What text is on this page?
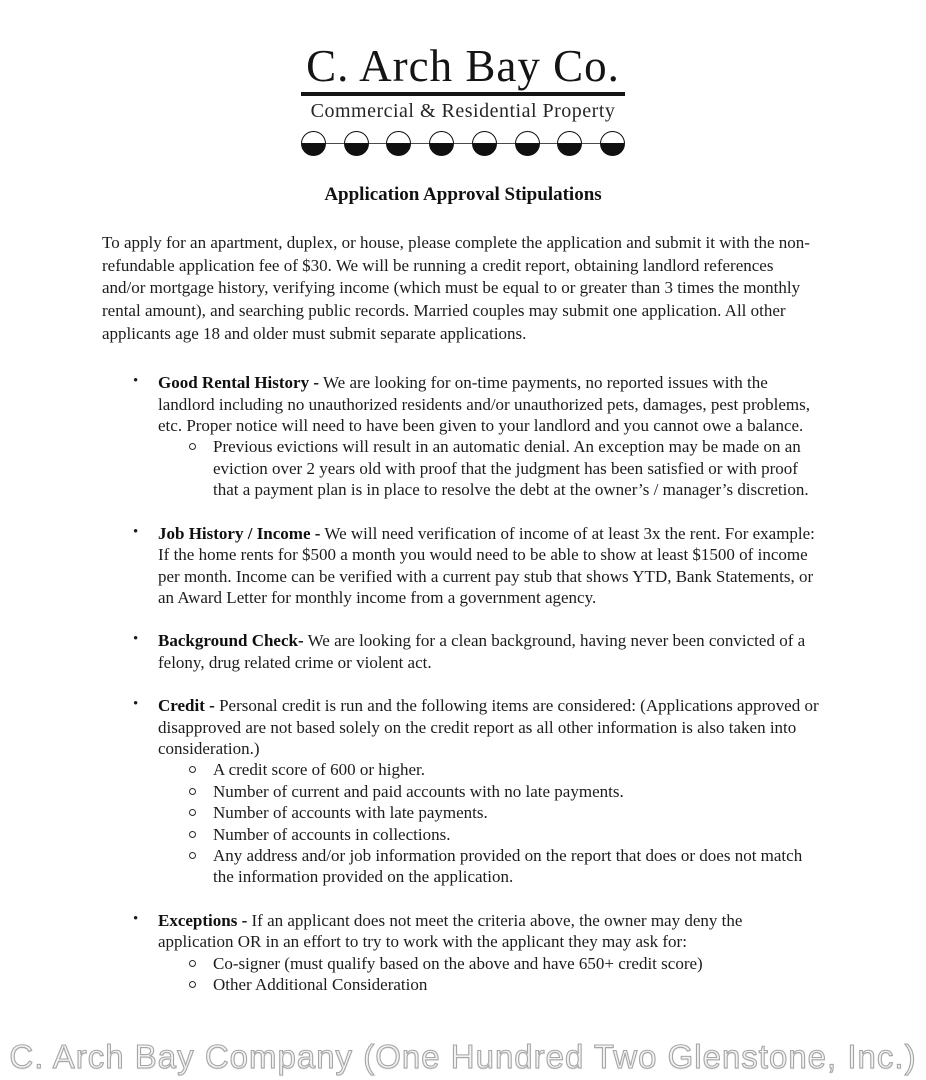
C. Arch Bay Co.
Commercial & Residential Property
Application Approval Stipulations

To apply for an apartment, duplex, or house, please complete the application and submit it with the non-refundable application fee of $30. We will be running a credit report, obtaining landlord references and/or mortgage history, verifying income (which must be equal to or greater than 3 times the monthly rental amount), and searching public records. Married couples may submit one application. All other applicants age 18 and older must submit separate applications.

• Good Rental History - We are looking for on-time payments, no reported issues with the landlord including no unauthorized residents and/or unauthorized pets, damages, pest problems, etc. Proper notice will need to have been given to your landlord and you cannot owe a balance.
Previous evictions will result in an automatic denial. An exception may be made on an eviction over 2 years old with proof that the judgment has been satisfied or with proof that a payment plan is in place to resolve the debt at the owner’s / manager’s discretion.
• Job History / Income - We will need verification of income of at least 3x the rent. For example: If the home rents for $500 a month you would need to be able to show at least $1500 of income per month. Income can be verified with a current pay stub that shows YTD, Bank Statements, or an Award Letter for monthly income from a government agency.
• Background Check- We are looking for a clean background, having never been convicted of a felony, drug related crime or violent act.
• Credit - Personal credit is run and the following items are considered: (Applications approved or disapproved are not based solely on the credit report as all other information is also taken into consideration.)
A credit score of 600 or higher.
Number of current and paid accounts with no late payments.
Number of accounts with late payments.
Number of accounts in collections.
Any address and/or job information provided on the report that does or does not match the information provided on the application.
• Exceptions - If an applicant does not meet the criteria above, the owner may deny the application OR in an effort to try to work with the applicant they may ask for:
Co-signer (must qualify based on the above and have 650+ credit score)
Other Additional Consideration
C. Arch Bay Company (One Hundred Two Glenstone, Inc.)
